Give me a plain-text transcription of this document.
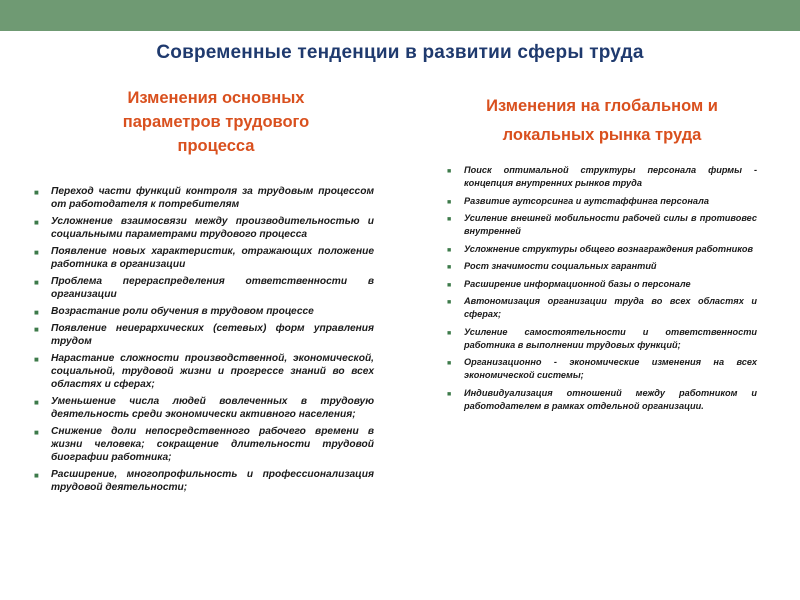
Современные тенденции в развитии сферы труда
Изменения основных
параметров трудового
процесса
Изменения на глобальном и
локальных рынка труда
■ Переход части функций контроля за трудовым процессом от работодателя к потребителям
■ Усложнение взаимосвязи между производительностью и социальными параметрами трудового процесса
■ Появление новых характеристик, отражающих положение работника в организации
■ Проблема перераспределения ответственности в организации
■ Возрастание роли обучения в трудовом процессе
■ Появление неиерархических (сетевых) форм управления трудом
■ Нарастание сложности производственной, экономической, социальной, трудовой жизни и прогрессе знаний во всех областях и сферах;
■ Уменьшение числа людей вовлеченных в трудовую деятельность среди экономически активного населения;
■ Снижение доли непосредственного рабочего времени в жизни человека; сокращение длительности трудовой биографии работника;
■ Расширение, многопрофильность и профессионализация трудовой деятельности;
■ Поиск оптимальной структуры персонала фирмы - концепция внутренних рынков труда
■ Развитие аутсорсинга и аутстаффинга персонала
■ Усиление внешней мобильности рабочей силы в противовес внутренней
■ Усложнение структуры общего вознаграждения работников
■ Рост значимости социальных гарантий
■ Расширение информационной базы о персонале
■ Автономизация организации труда во всех областях и сферах;
■ Усиление самостоятельности и ответственности работника в выполнении трудовых функций;
■ Организационно - экономические изменения на всех экономической системы;
■ Индивидуализация отношений между работником и работодателем в рамках отдельной организации.
